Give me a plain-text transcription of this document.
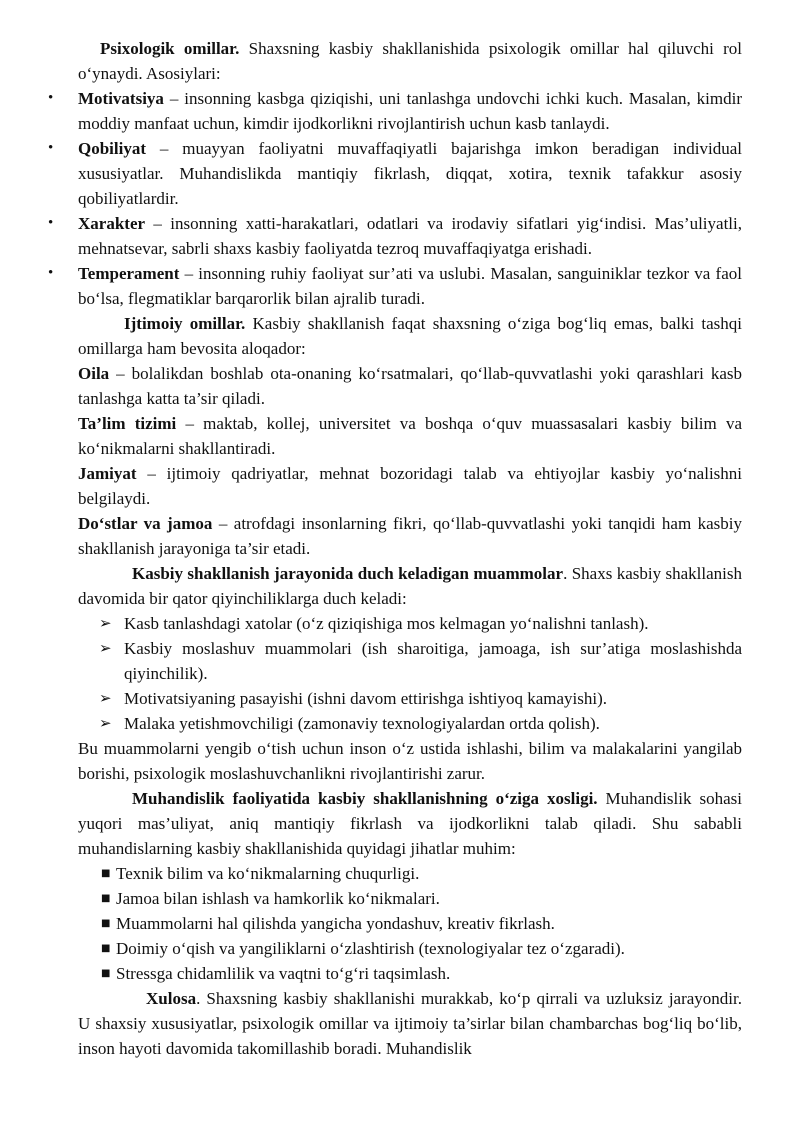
Psixologik omillar. Shaxsning kasbiy shakllanishida psixologik omillar hal qiluvchi rol o‘ynaydi. Asosiylari:

• Motivatsiya – insonning kasbga qiziqishi, uni tanlashga undovchi ichki kuch. Masalan, kimdir moddiy manfaat uchun, kimdir ijodkorlikni rivojlantirish uchun kasb tanlaydi.
• Qobiliyat – muayyan faoliyatni muvaffaqiyatli bajarishga imkon beradigan individual xususiyatlar. Muhandislikda mantiqiy fikrlash, diqqat, xotira, texnik tafakkur asosiy qobiliyatlardir.
• Xarakter – insonning xatti-harakatlari, odatlari va irodaviy sifatlari yig‘indisi. Mas’uliyatli, mehnatsevar, sabrli shaxs kasbiy faoliyatda tezroq muvaffaqiyatga erishadi.
• Temperament – insonning ruhiy faoliyat sur’ati va uslubi. Masalan, sanguiniklar tezkor va faol bo‘lsa, flegmatiklar barqarorlik bilan ajralib turadi.

Ijtimoiy omillar. Kasbiy shakllanish faqat shaxsning o‘ziga bog‘liq emas, balki tashqi omillarga ham bevosita aloqador:

Oila – bolalikdan boshlab ota-onaning ko‘rsatmalari, qo‘llab-quvvatlashi yoki qarashlari kasb tanlashga katta ta’sir qiladi.

Ta’lim tizimi – maktab, kollej, universitet va boshqa o‘quv muassasalari kasbiy bilim va ko‘nikmalarni shakllantiradi.

Jamiyat – ijtimoiy qadriyatlar, mehnat bozoridagi talab va ehtiyojlar kasbiy yo‘nalishni belgilaydi.

Do‘stlar va jamoa – atrofdagi insonlarning fikri, qo‘llab-quvvatlashi yoki tanqidi ham kasbiy shakllanish jarayoniga ta’sir etadi.

Kasbiy shakllanish jarayonida duch keladigan muammolar. Shaxs kasbiy shakllanish davomida bir qator qiyinchiliklarga duch keladi:

➢ Kasb tanlashdagi xatolar (o‘z qiziqishiga mos kelmagan yo‘nalishni tanlash).
➢ Kasbiy moslashuv muammolari (ish sharoitiga, jamoaga, ish sur’atiga moslashishda qiyinchilik).
➢ Motivatsiyaning pasayishi (ishni davom ettirishga ishtiyoq kamayishi).
➢ Malaka yetishmovchiligi (zamonaviy texnologiyalardan ortda qolish).

Bu muammolarni yengib o‘tish uchun inson o‘z ustida ishlashi, bilim va malakalarini yangilab borishi, psixologik moslashuvchanlikni rivojlantirishi zarur.

Muhandislik faoliyatida kasbiy shakllanishning o‘ziga xosligi. Muhandislik sohasi yuqori mas’uliyat, aniq mantiqiy fikrlash va ijodkorlikni talab qiladi. Shu sababli muhandislarning kasbiy shakllanishida quyidagi jihatlar muhim:

■ Texnik bilim va ko‘nikmalarning chuqurligi.
■ Jamoa bilan ishlash va hamkorlik ko‘nikmalari.
■ Muammolarni hal qilishda yangicha yondashuv, kreativ fikrlash.
■ Doimiy o‘qish va yangiliklarni o‘zlashtirish (texnologiyalar tez o‘zgaradi).
■ Stressga chidamlilik va vaqtni to‘g‘ri taqsimlash.

Xulosa. Shaxsning kasbiy shakllanishi murakkab, ko‘p qirrali va uzluksiz jarayondir. U shaxsiy xususiyatlar, psixologik omillar va ijtimoiy ta’sirlar bilan chambarchas bog‘liq bo‘lib, inson hayoti davomida takomillashib boradi. Muhandislik
